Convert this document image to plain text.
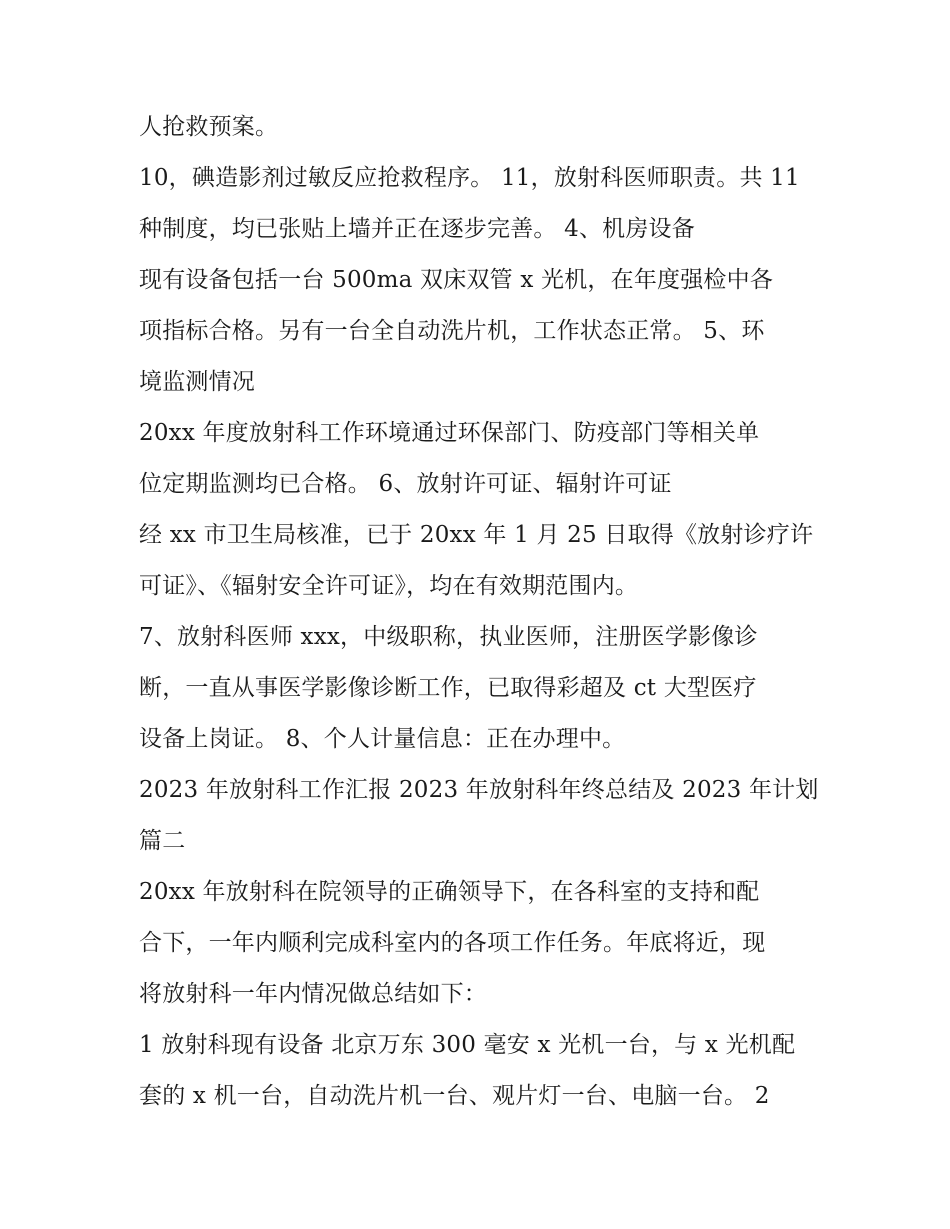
人抢救预案。
10，碘造影剂过敏反应抢救程序。 11，放射科医师职责。共 11
种制度，均已张贴上墙并正在逐步完善。 4、机房设备
现有设备包括一台 500ma 双床双管 x 光机，在年度强检中各
项指标合格。另有一台全自动洗片机，工作状态正常。 5、环
境监测情况
20xx 年度放射科工作环境通过环保部门、防疫部门等相关单
位定期监测均已合格。 6、放射许可证、辐射许可证
经 xx 市卫生局核准，已于 20xx 年 1 月 25 日取得《放射诊疗许
可证》、《辐射安全许可证》，均在有效期范围内。
7、放射科医师 xxx，中级职称，执业医师，注册医学影像诊
断，一直从事医学影像诊断工作，已取得彩超及 ct 大型医疗
设备上岗证。 8、个人计量信息：正在办理中。
2023 年放射科工作汇报 2023 年放射科年终总结及 2023 年计划
篇二
20xx 年放射科在院领导的正确领导下，在各科室的支持和配
合下，一年内顺利完成科室内的各项工作任务。年底将近，现
将放射科一年内情况做总结如下：
1 放射科现有设备 北京万东 300 毫安 x 光机一台，与 x 光机配
套的 x 机一台，自动洗片机一台、观片灯一台、电脑一台。 2
